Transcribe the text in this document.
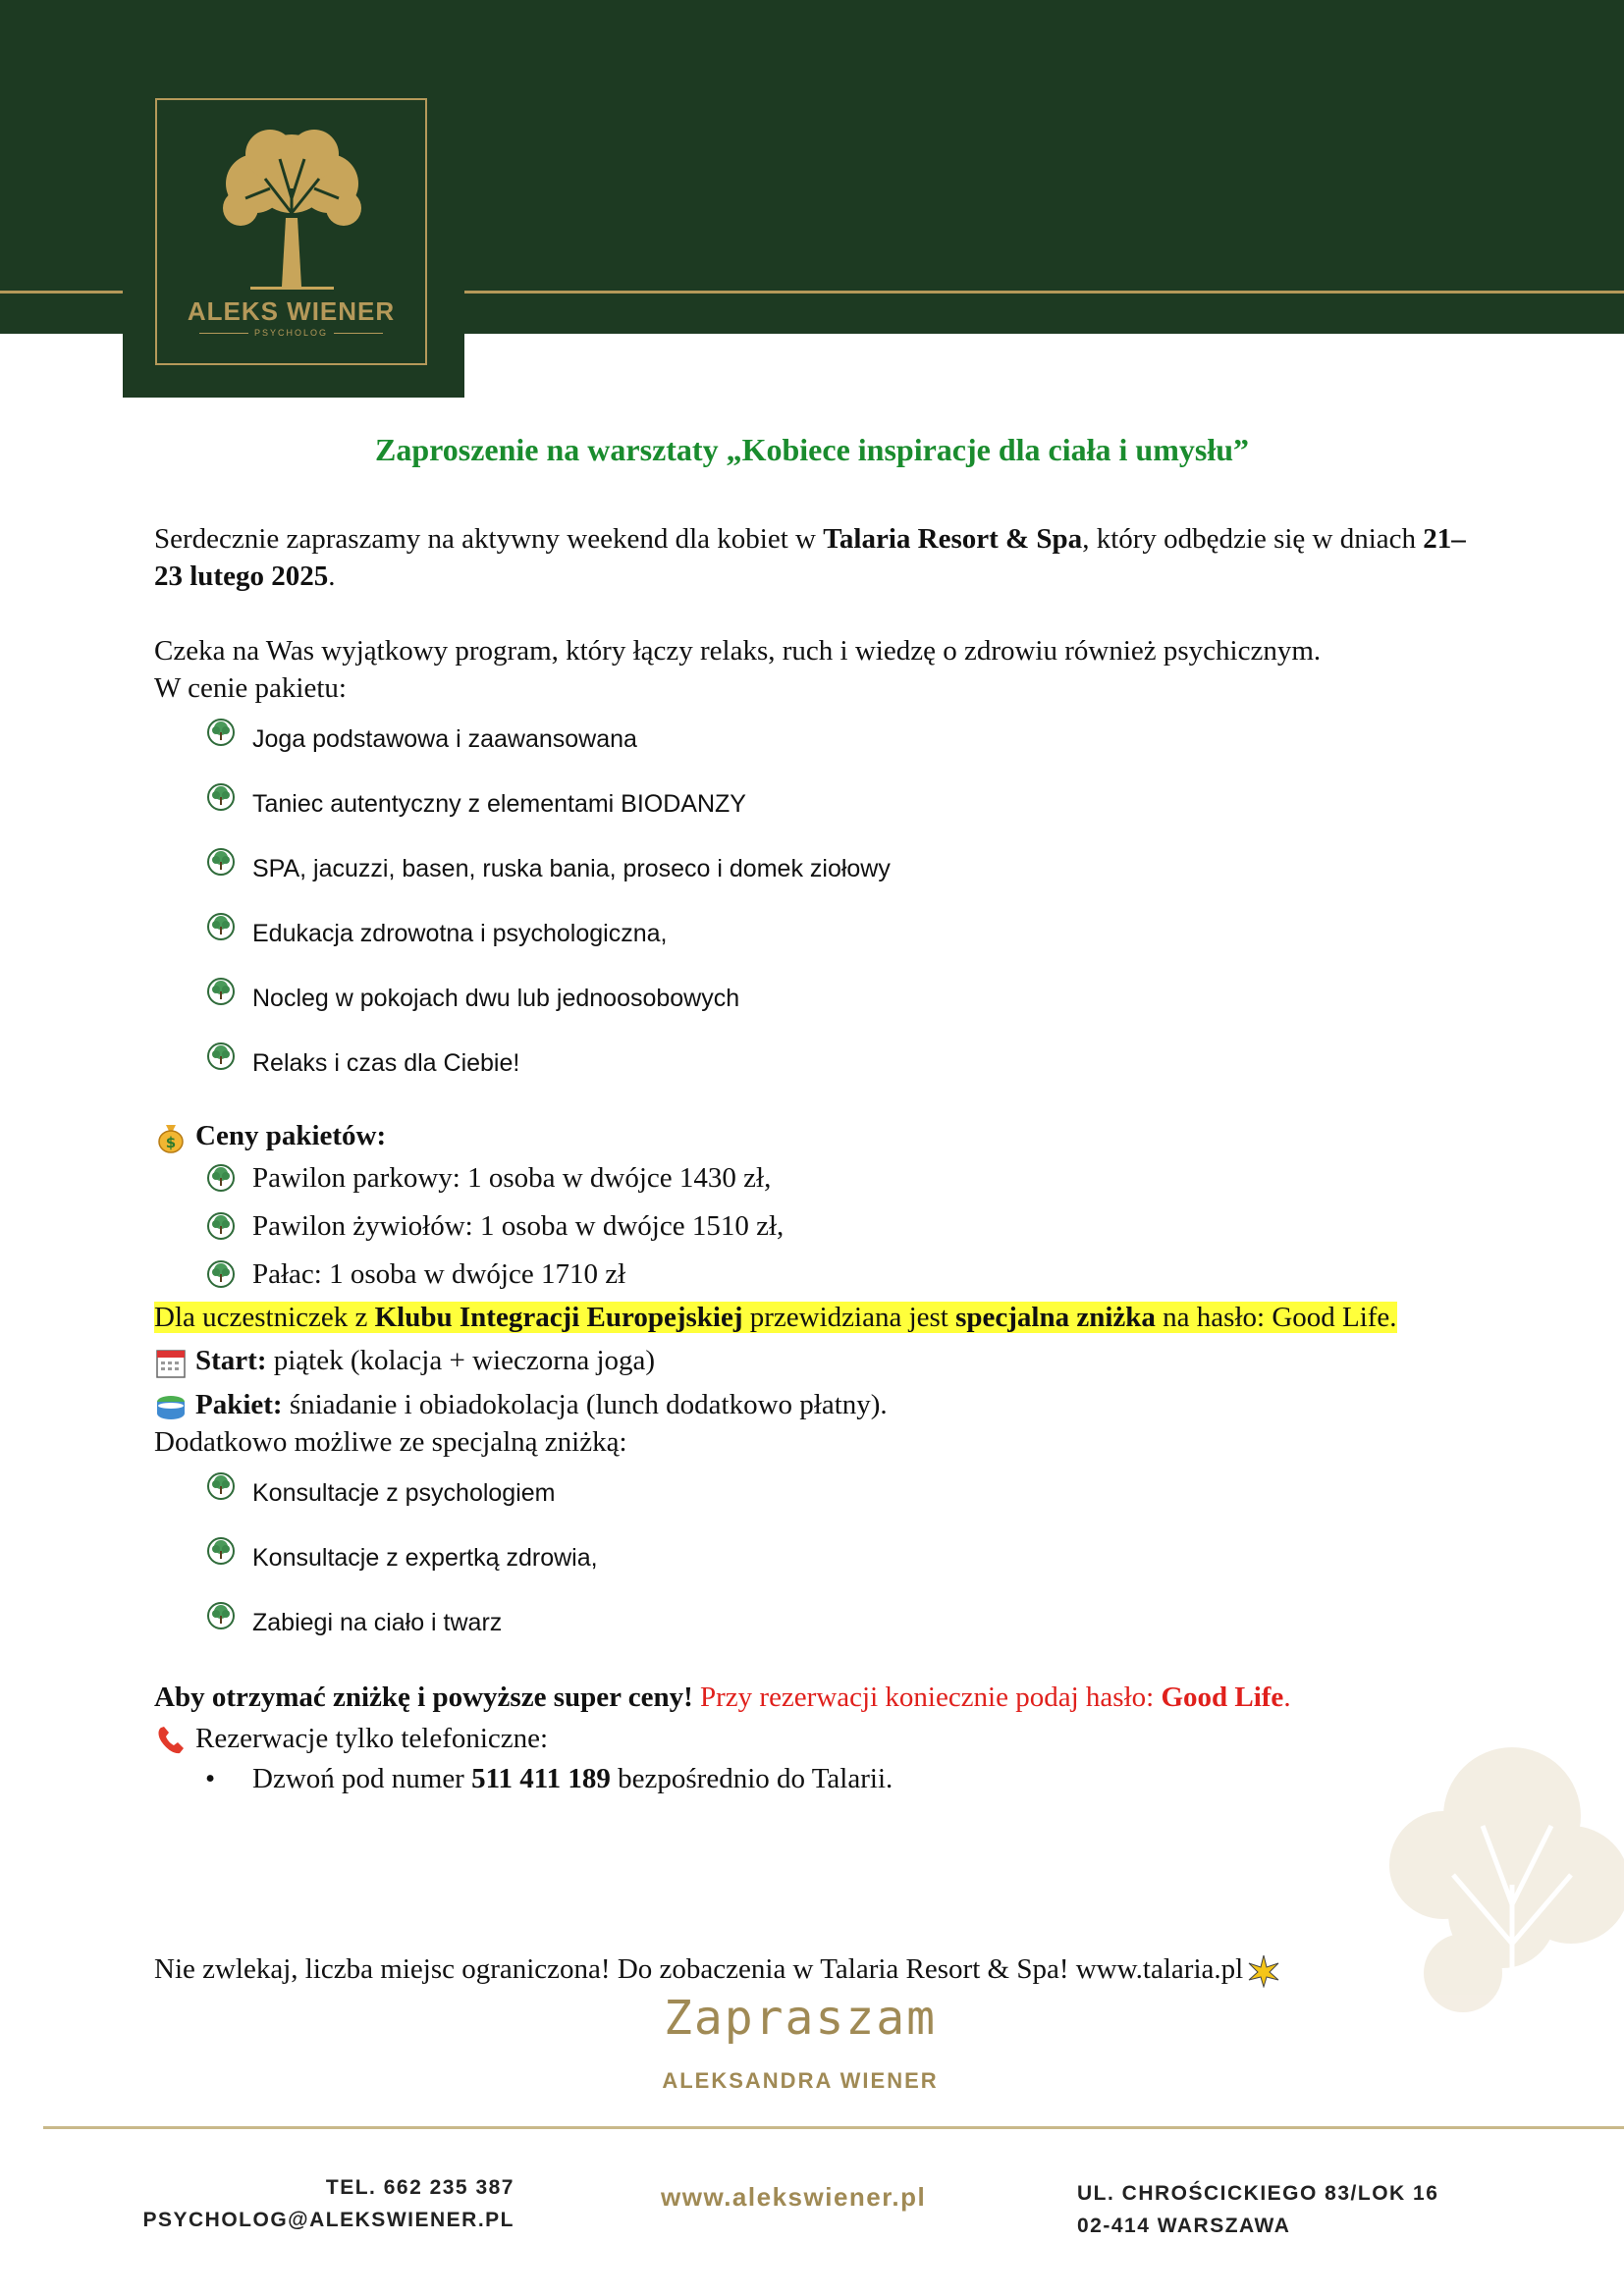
ALEKS WIENER
PSYCHOLOG
Zaproszenie na warsztaty „Kobiece inspiracje dla ciała i umysłu”

Serdecznie zapraszamy na aktywny weekend dla kobiet w Talaria Resort & Spa, który odbędzie się w dniach 21–23 lutego 2025.

Czeka na Was wyjątkowy program, który łączy relaks, ruch i wiedzę o zdrowiu również psychicznym.

W cenie pakietu:

Joga podstawowa i zaawansowana
Taniec autentyczny z elementami BIODANZY
SPA, jacuzzi, basen, ruska bania, proseco i domek ziołowy
Edukacja zdrowotna i psychologiczna,
Nocleg w pokojach dwu lub jednoosobowych
Relaks i czas dla Ciebie!

$ Ceny pakietów:

Pawilon parkowy: 1 osoba w dwójce 1430 zł,
Pawilon żywiołów: 1 osoba w dwójce 1510 zł,
Pałac: 1 osoba w dwójce 1710 zł

Dla uczestniczek z Klubu Integracji Europejskiej przewidziana jest specjalna zniżka na hasło: Good Life.

Start: piątek (kolacja + wieczorna joga)

Pakiet: śniadanie i obiadokolacja (lunch dodatkowo płatny).

Dodatkowo możliwe ze specjalną zniżką:

Konsultacje z psychologiem
Konsultacje z expertką zdrowia,
Zabiegi na ciało i twarz

Aby otrzymać zniżkę i powyższe super ceny! Przy rezerwacji koniecznie podaj hasło: Good Life.

Rezerwacje tylko telefoniczne:

• Dzwoń pod numer 511 411 189 bezpośrednio do Talarii.
Nie zwlekaj, liczba miejsc ograniczona! Do zobaczenia w Talaria Resort & Spa! www.talaria.pl
Zapraszam
ALEKSANDRA WIENER
TEL. 662 235 387
PSYCHOLOG@ALEKSWIENER.PL
www.alekswiener.pl	UL. CHROŚCICKIEGO 83/LOK 16
02-414 WARSZAWA
